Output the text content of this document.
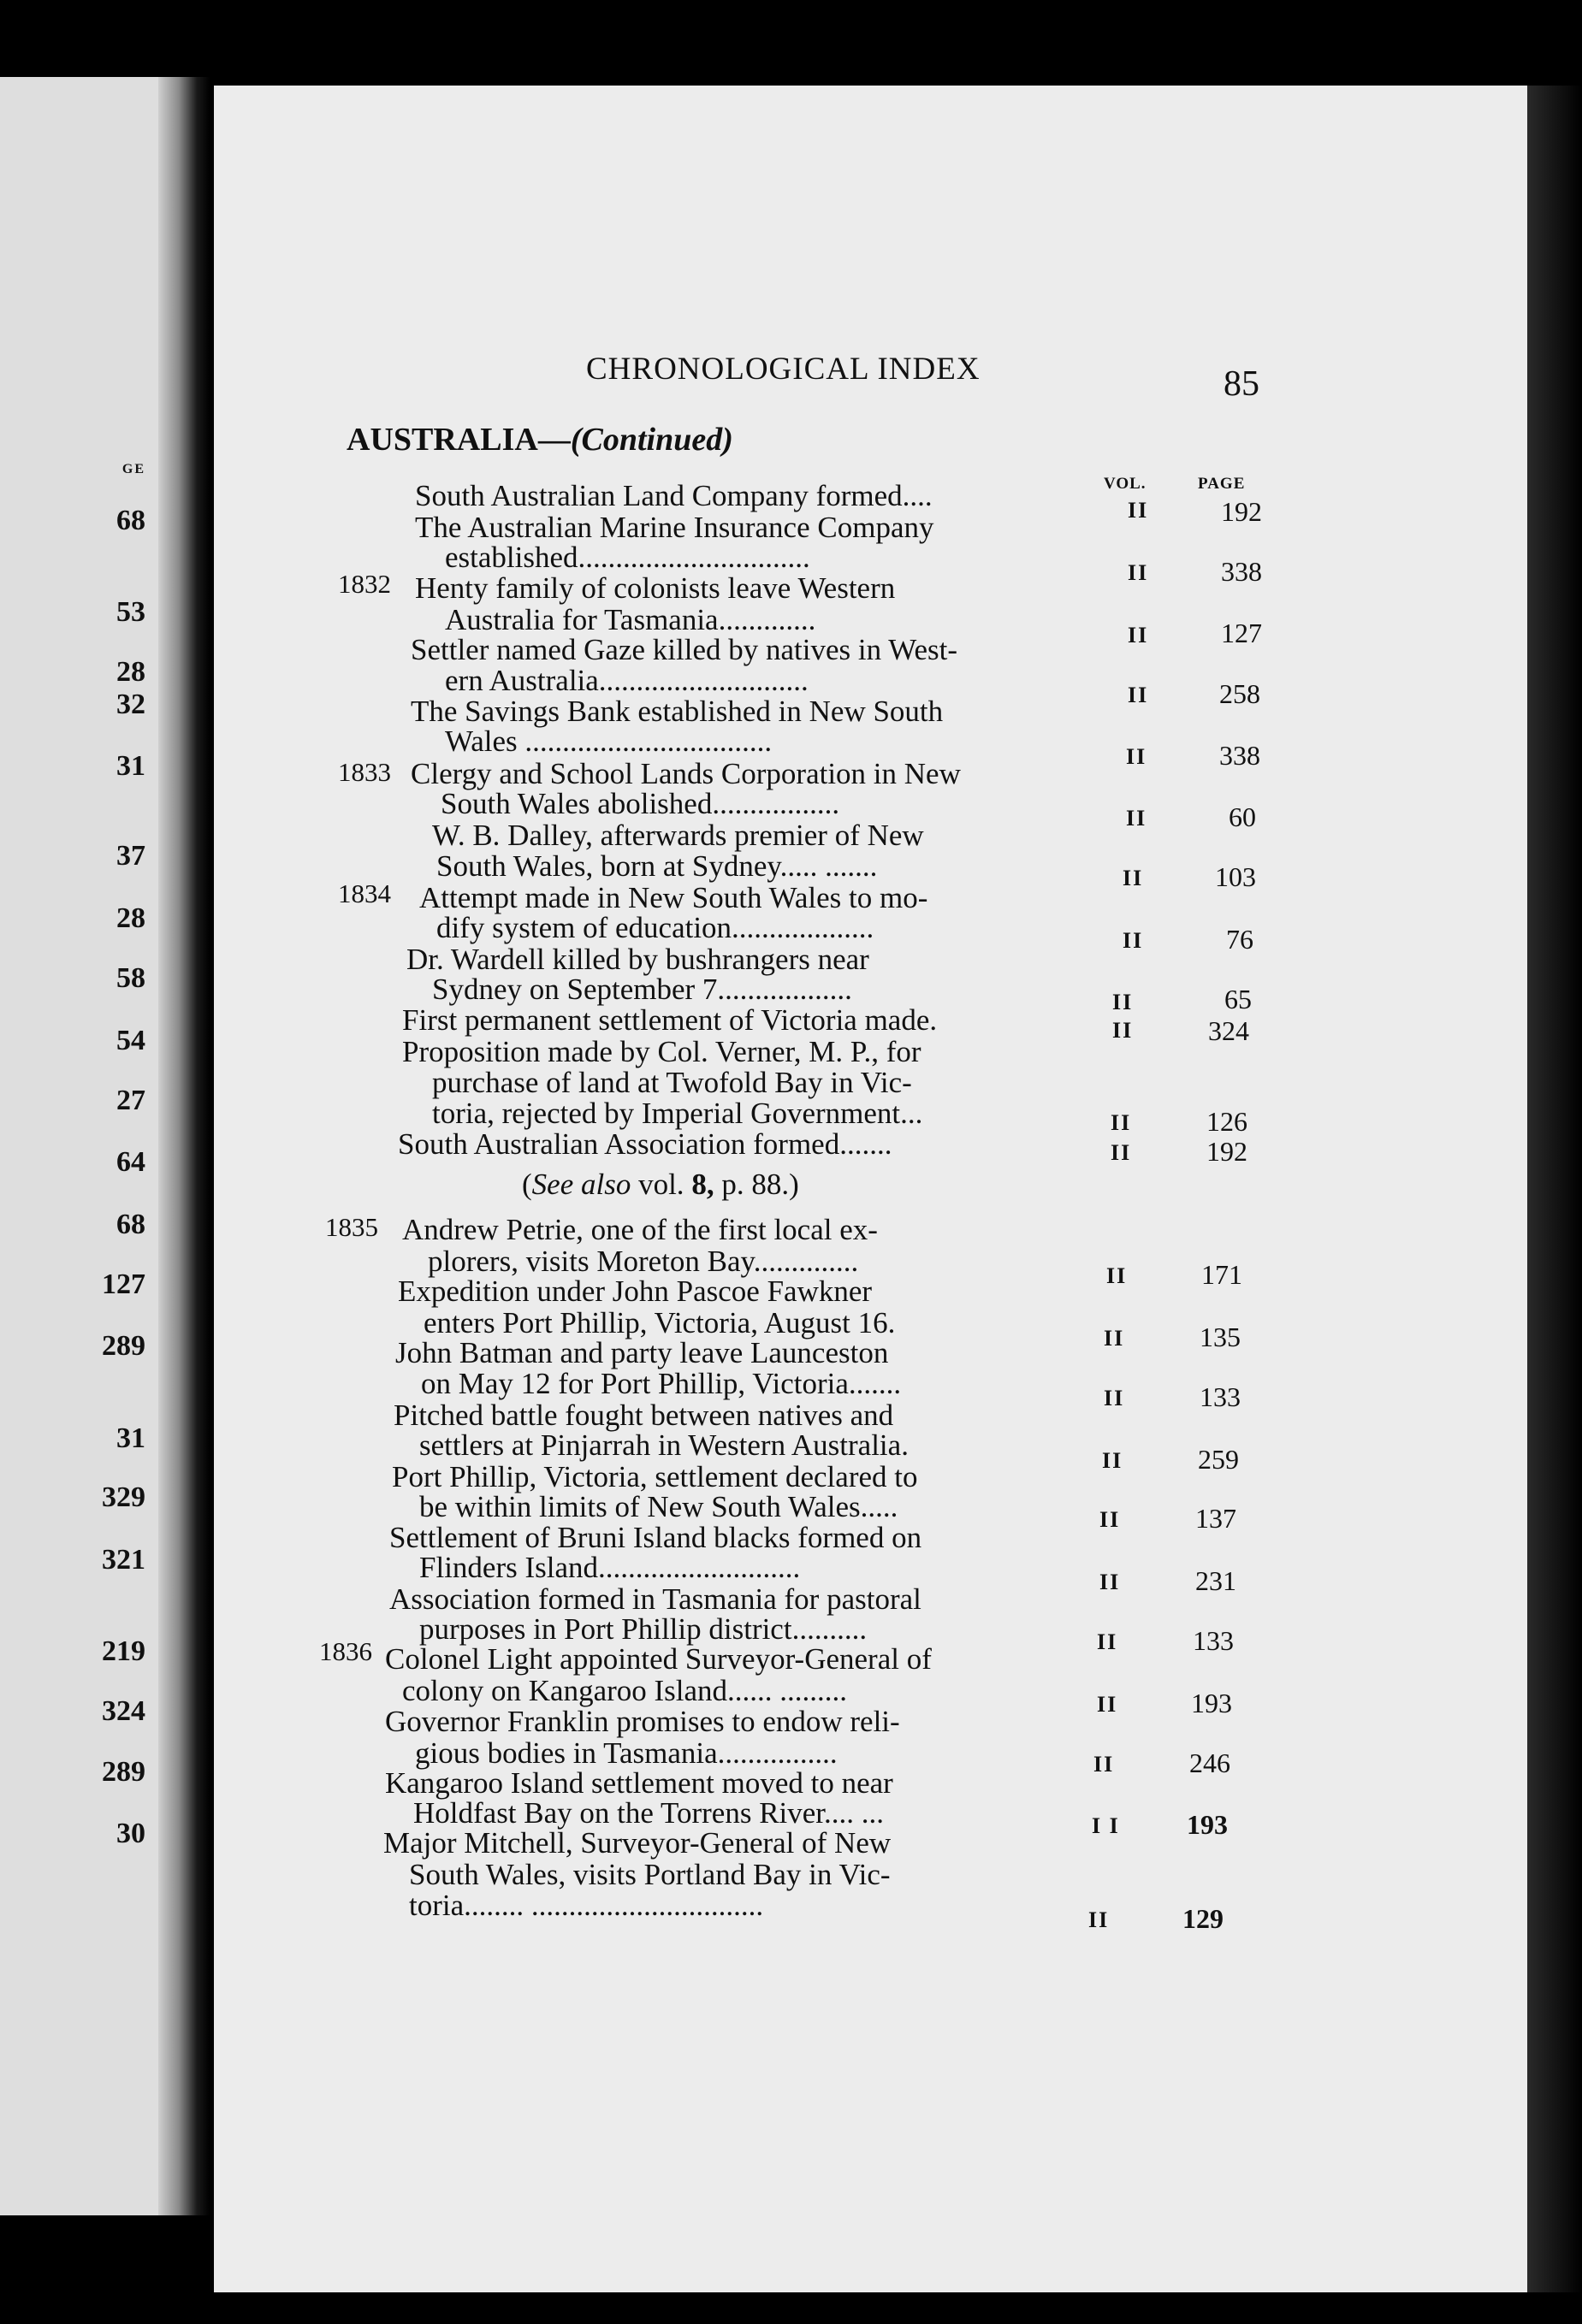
GE
68
53
28
32
31
37
28
58
54
27
64
68
127
289
31
329
321
219
324
289
30
CHRONOLOGICAL INDEX	85
AUSTRALIA—(Continued)
VOL.	PAGE
1832
1833
1834
1835
1836
South Australian Land Company formed....
The Australian Marine Insurance Company
established...............................
Henty family of colonists leave Western
Australia for Tasmania.............
Settler named Gaze killed by natives in West-
ern Australia............................
The Savings Bank established in New South
Wales .................................
Clergy and School Lands Corporation in New
South Wales abolished.................
W. B. Dalley, afterwards premier of New
South Wales, born at Sydney..... .......
Attempt made in New South Wales to mo-
dify system of education...................
Dr. Wardell killed by bushrangers near
Sydney on September 7..................
First permanent settlement of Victoria made.
Proposition made by Col. Verner, M. P., for
purchase of land at Twofold Bay in Vic-
toria, rejected by Imperial Government...
South Australian Association formed.......
(See also vol. 8, p. 88.)
Andrew Petrie, one of the first local ex-
plorers, visits Moreton Bay..............
Expedition under John Pascoe Fawkner
enters Port Phillip, Victoria, August 16.
John Batman and party leave Launceston
on May 12 for Port Phillip, Victoria.......
Pitched battle fought between natives and
settlers at Pinjarrah in Western Australia.
Port Phillip, Victoria, settlement declared to
be within limits of New South Wales.....
Settlement of Bruni Island blacks formed on
Flinders Island...........................
Association formed in Tasmania for pastoral
purposes in Port Phillip district..........
Colonel Light appointed Surveyor-General of
colony on Kangaroo Island...... .........
Governor Franklin promises to endow reli-
gious bodies in Tasmania................
Kangaroo Island settlement moved to near
Holdfast Bay on the Torrens River.... ...
Major Mitchell, Surveyor-General of New
South Wales, visits Portland Bay in Vic-
toria........ ...............................
II
II
II
II
II
II
II
II
II
II
II
II
II
II
II
II
II
II
II
II
II
I I
II
192
338
127
258
338
60
103
76
65
324
126
192
171
135
133
259
137
231
133
193
246
193
129
